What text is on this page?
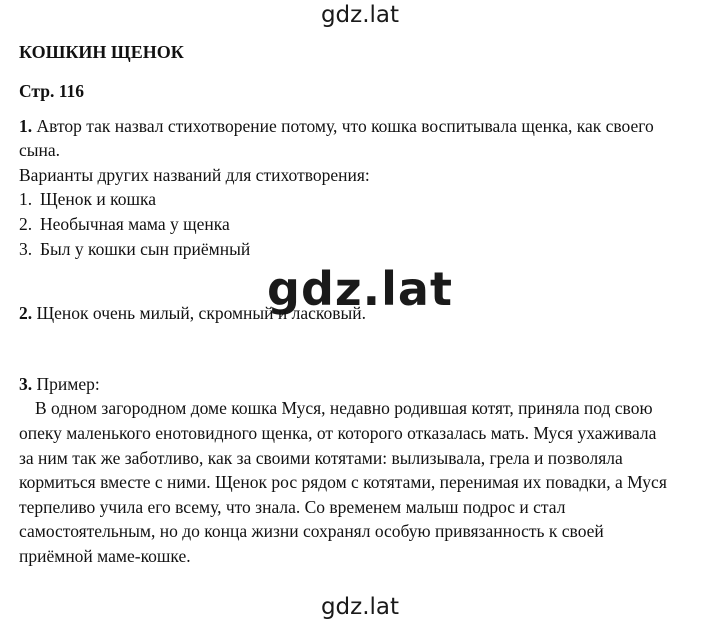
gdz.lat
gdz.lat
gdz.lat
КОШКИН ЩЕНОК

Стр. 116

1. Автор так назвал стихотворение потому, что кошка воспитывала щенка, как своего
сына.
Варианты других названий для стихотворения:
1. Щенок и кошка
2. Необычная мама у щенка
3. Был у кошки сын приёмный
2. Щенок очень милый, скромный и ласковый.
3. Пример:
В одном загородном доме кошка Муся, недавно родившая котят, приняла под свою
опеку маленького енотовидного щенка, от которого отказалась мать. Муся ухаживала
за ним так же заботливо, как за своими котятами: вылизывала, грела и позволяла
кормиться вместе с ними. Щенок рос рядом с котятами, перенимая их повадки, а Муся
терпеливо учила его всему, что знала. Со временем малыш подрос и стал
самостоятельным, но до конца жизни сохранял особую привязанность к своей
приёмной маме-кошке.
